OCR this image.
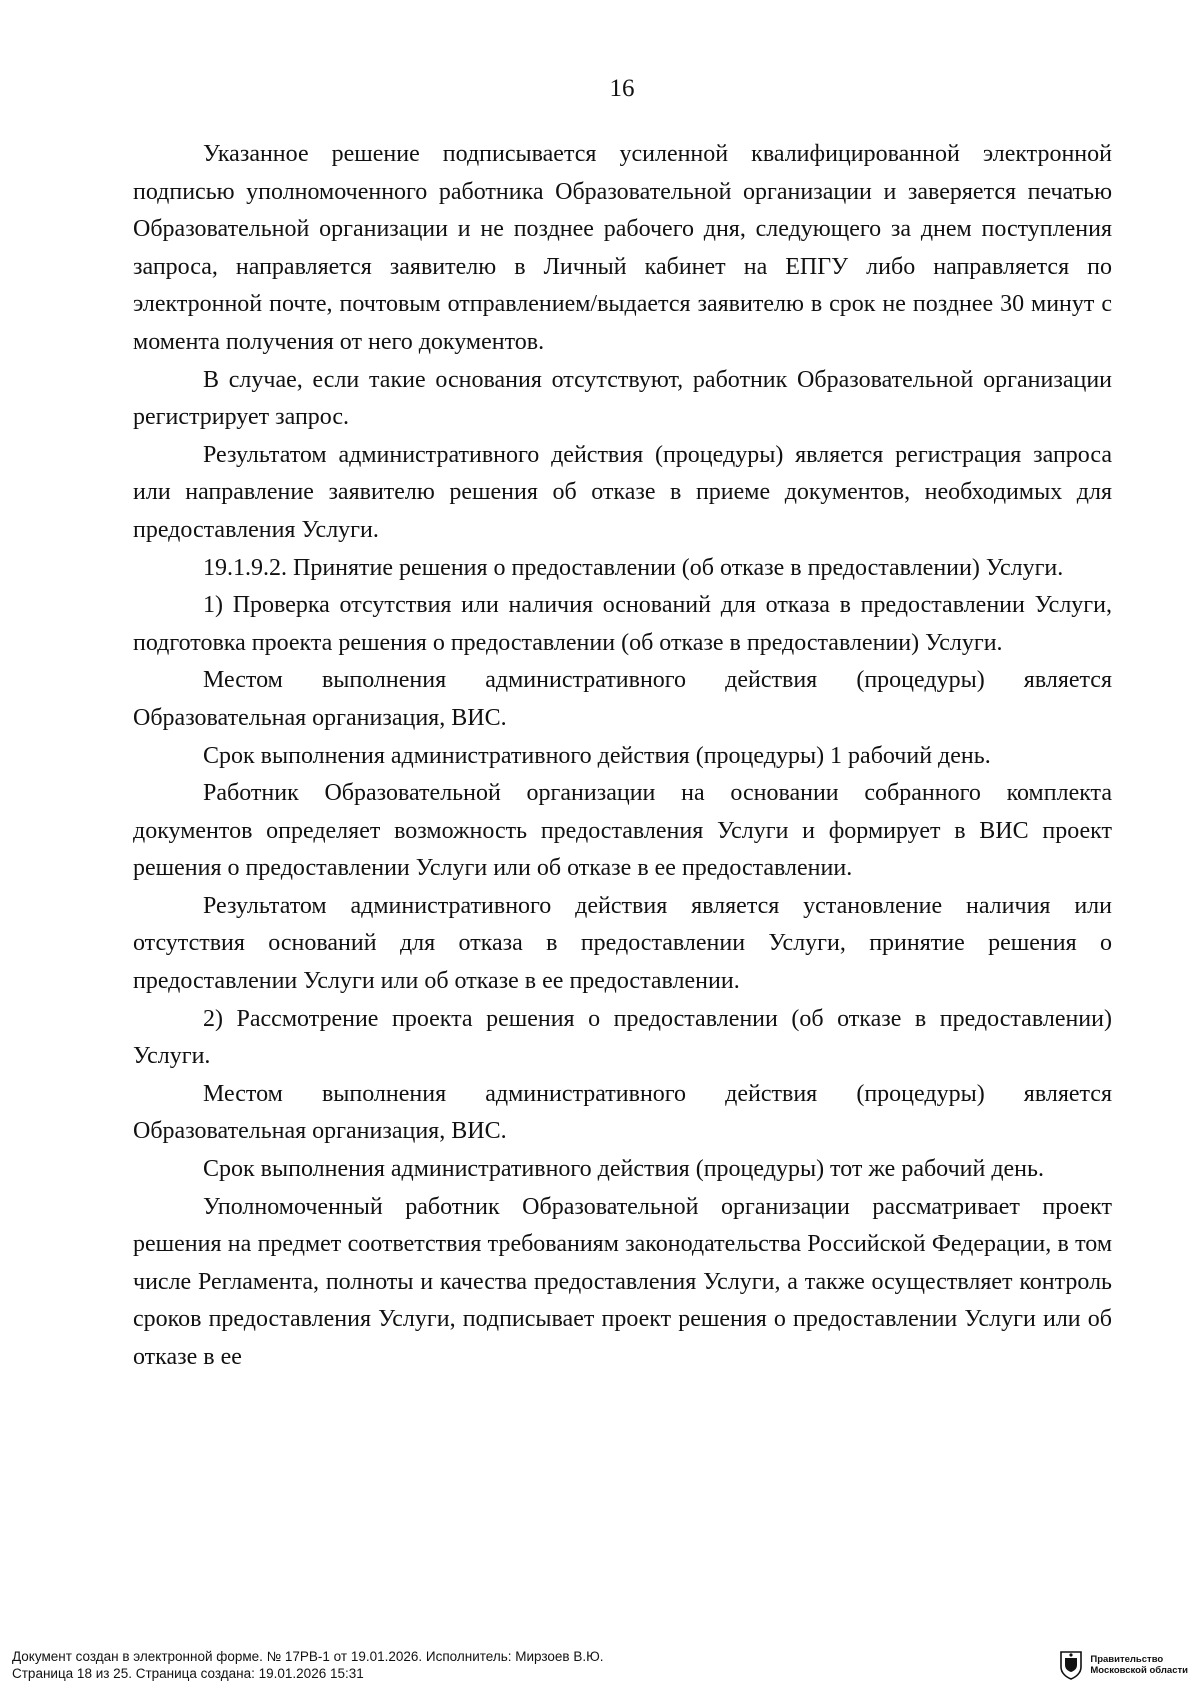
16

Указанное решение подписывается усиленной квалифицированной электронной подписью уполномоченного работника Образовательной организации и заверяется печатью Образовательной организации и не позднее рабочего дня, следующего за днем поступления запроса, направляется заявителю в Личный кабинет на ЕПГУ либо направляется по электронной почте, почтовым отправлением/выдается заявителю в срок не позднее 30 минут с момента получения от него документов.

В случае, если такие основания отсутствуют, работник Образовательной организации регистрирует запрос.

Результатом административного действия (процедуры) является регистрация запроса или направление заявителю решения об отказе в приеме документов, необходимых для предоставления Услуги.

19.1.9.2. Принятие решения о предоставлении (об отказе в предоставлении) Услуги.

1) Проверка отсутствия или наличия оснований для отказа в предоставлении Услуги, подготовка проекта решения о предоставлении (об отказе в предоставлении) Услуги.

Местом выполнения административного действия (процедуры) является Образовательная организация, ВИС.

Срок выполнения административного действия (процедуры) 1 рабочий день.

Работник Образовательной организации на основании собранного комплекта документов определяет возможность предоставления Услуги и формирует в ВИС проект решения о предоставлении Услуги или об отказе в ее предоставлении.

Результатом административного действия является установление наличия или отсутствия оснований для отказа в предоставлении Услуги, принятие решения о предоставлении Услуги или об отказе в ее предоставлении.

2) Рассмотрение проекта решения о предоставлении (об отказе в предоставлении) Услуги.

Местом выполнения административного действия (процедуры) является Образовательная организация, ВИС.

Срок выполнения административного действия (процедуры) тот же рабочий день.

Уполномоченный работник Образовательной организации рассматривает проект решения на предмет соответствия требованиям законодательства Российской Федерации, в том числе Регламента, полноты и качества предоставления Услуги, а также осуществляет контроль сроков предоставления Услуги, подписывает проект решения о предоставлении Услуги или об отказе в ее

Документ создан в электронной форме. № 17РВ-1 от 19.01.2026. Исполнитель: Мирзоев В.Ю.
Страница 18 из 25. Страница создана: 19.01.2026 15:31
Правительство
Московской области
